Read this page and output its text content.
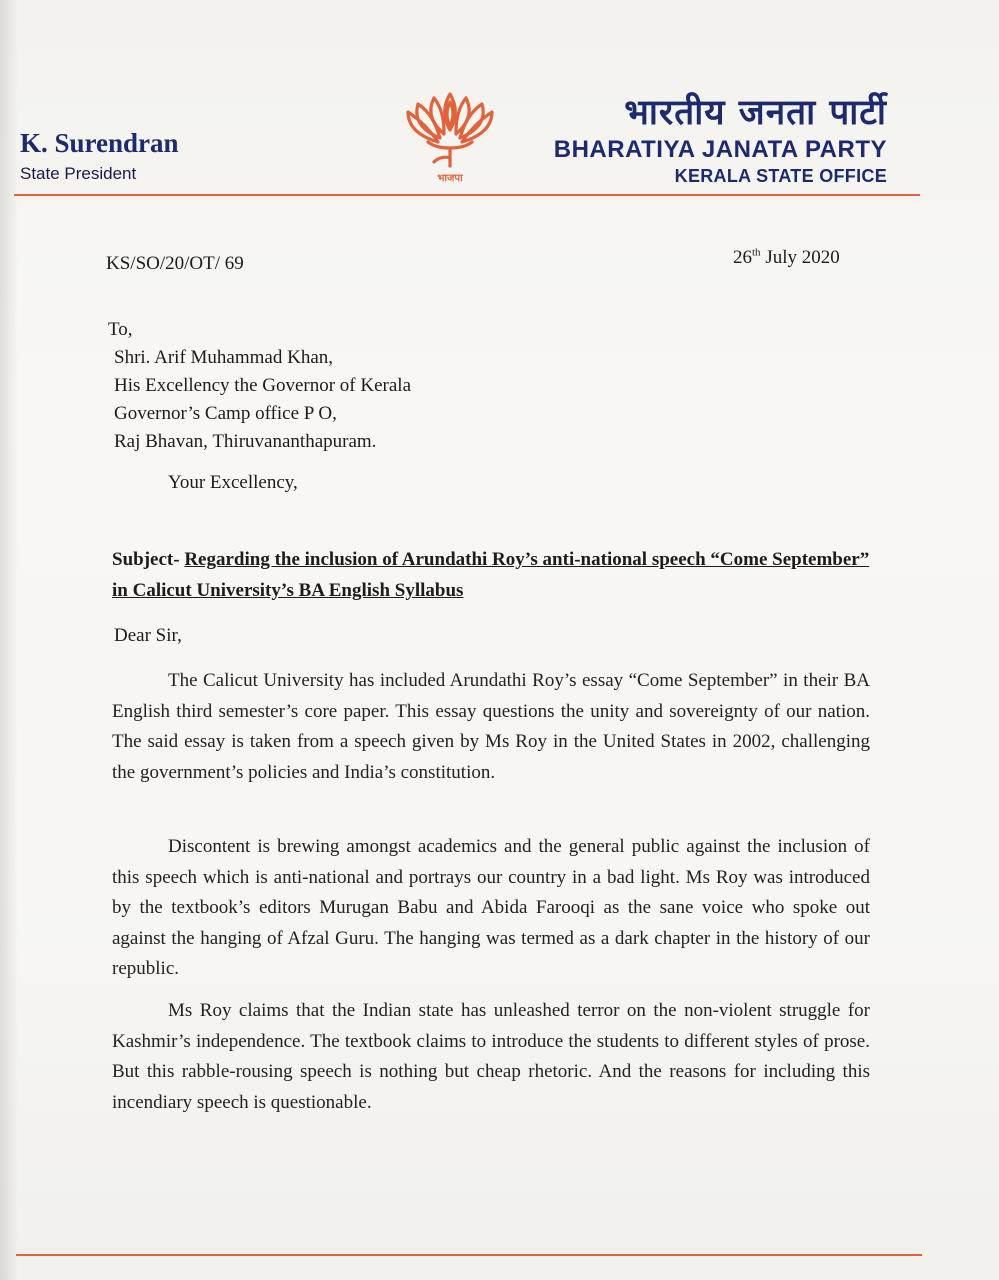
K. Surendran
State President	भाजपा
भारतीय जनता पार्टी
BHARATIYA JANATA PARTY
KERALA STATE OFFICE
KS/SO/20/OT/ 69	26th July 2020
To,
Shri. Arif Muhammad Khan,
His Excellency the Governor of Kerala
Governor’s Camp office P O,
Raj Bhavan, Thiruvananthapuram.
Your Excellency,
Subject- Regarding the inclusion of Arundathi Roy’s anti-national speech “Come September” in Calicut University’s BA English Syllabus
Dear Sir,
The Calicut University has included Arundathi Roy’s essay “Come September” in their BA English third semester’s core paper. This essay questions the unity and sovereignty of our nation. The said essay is taken from a speech given by Ms Roy in the United States in 2002, challenging the government’s policies and India’s constitution.
Discontent is brewing amongst academics and the general public against the inclusion of this speech which is anti-national and portrays our country in a bad light. Ms Roy was introduced by the textbook’s editors Murugan Babu and Abida Farooqi as the sane voice who spoke out against the hanging of Afzal Guru. The hanging was termed as a dark chapter in the history of our republic.
Ms Roy claims that the Indian state has unleashed terror on the non-violent struggle for Kashmir’s independence. The textbook claims to introduce the students to different styles of prose. But this rabble-rousing speech is nothing but cheap rhetoric. And the reasons for including this incendiary speech is questionable.
